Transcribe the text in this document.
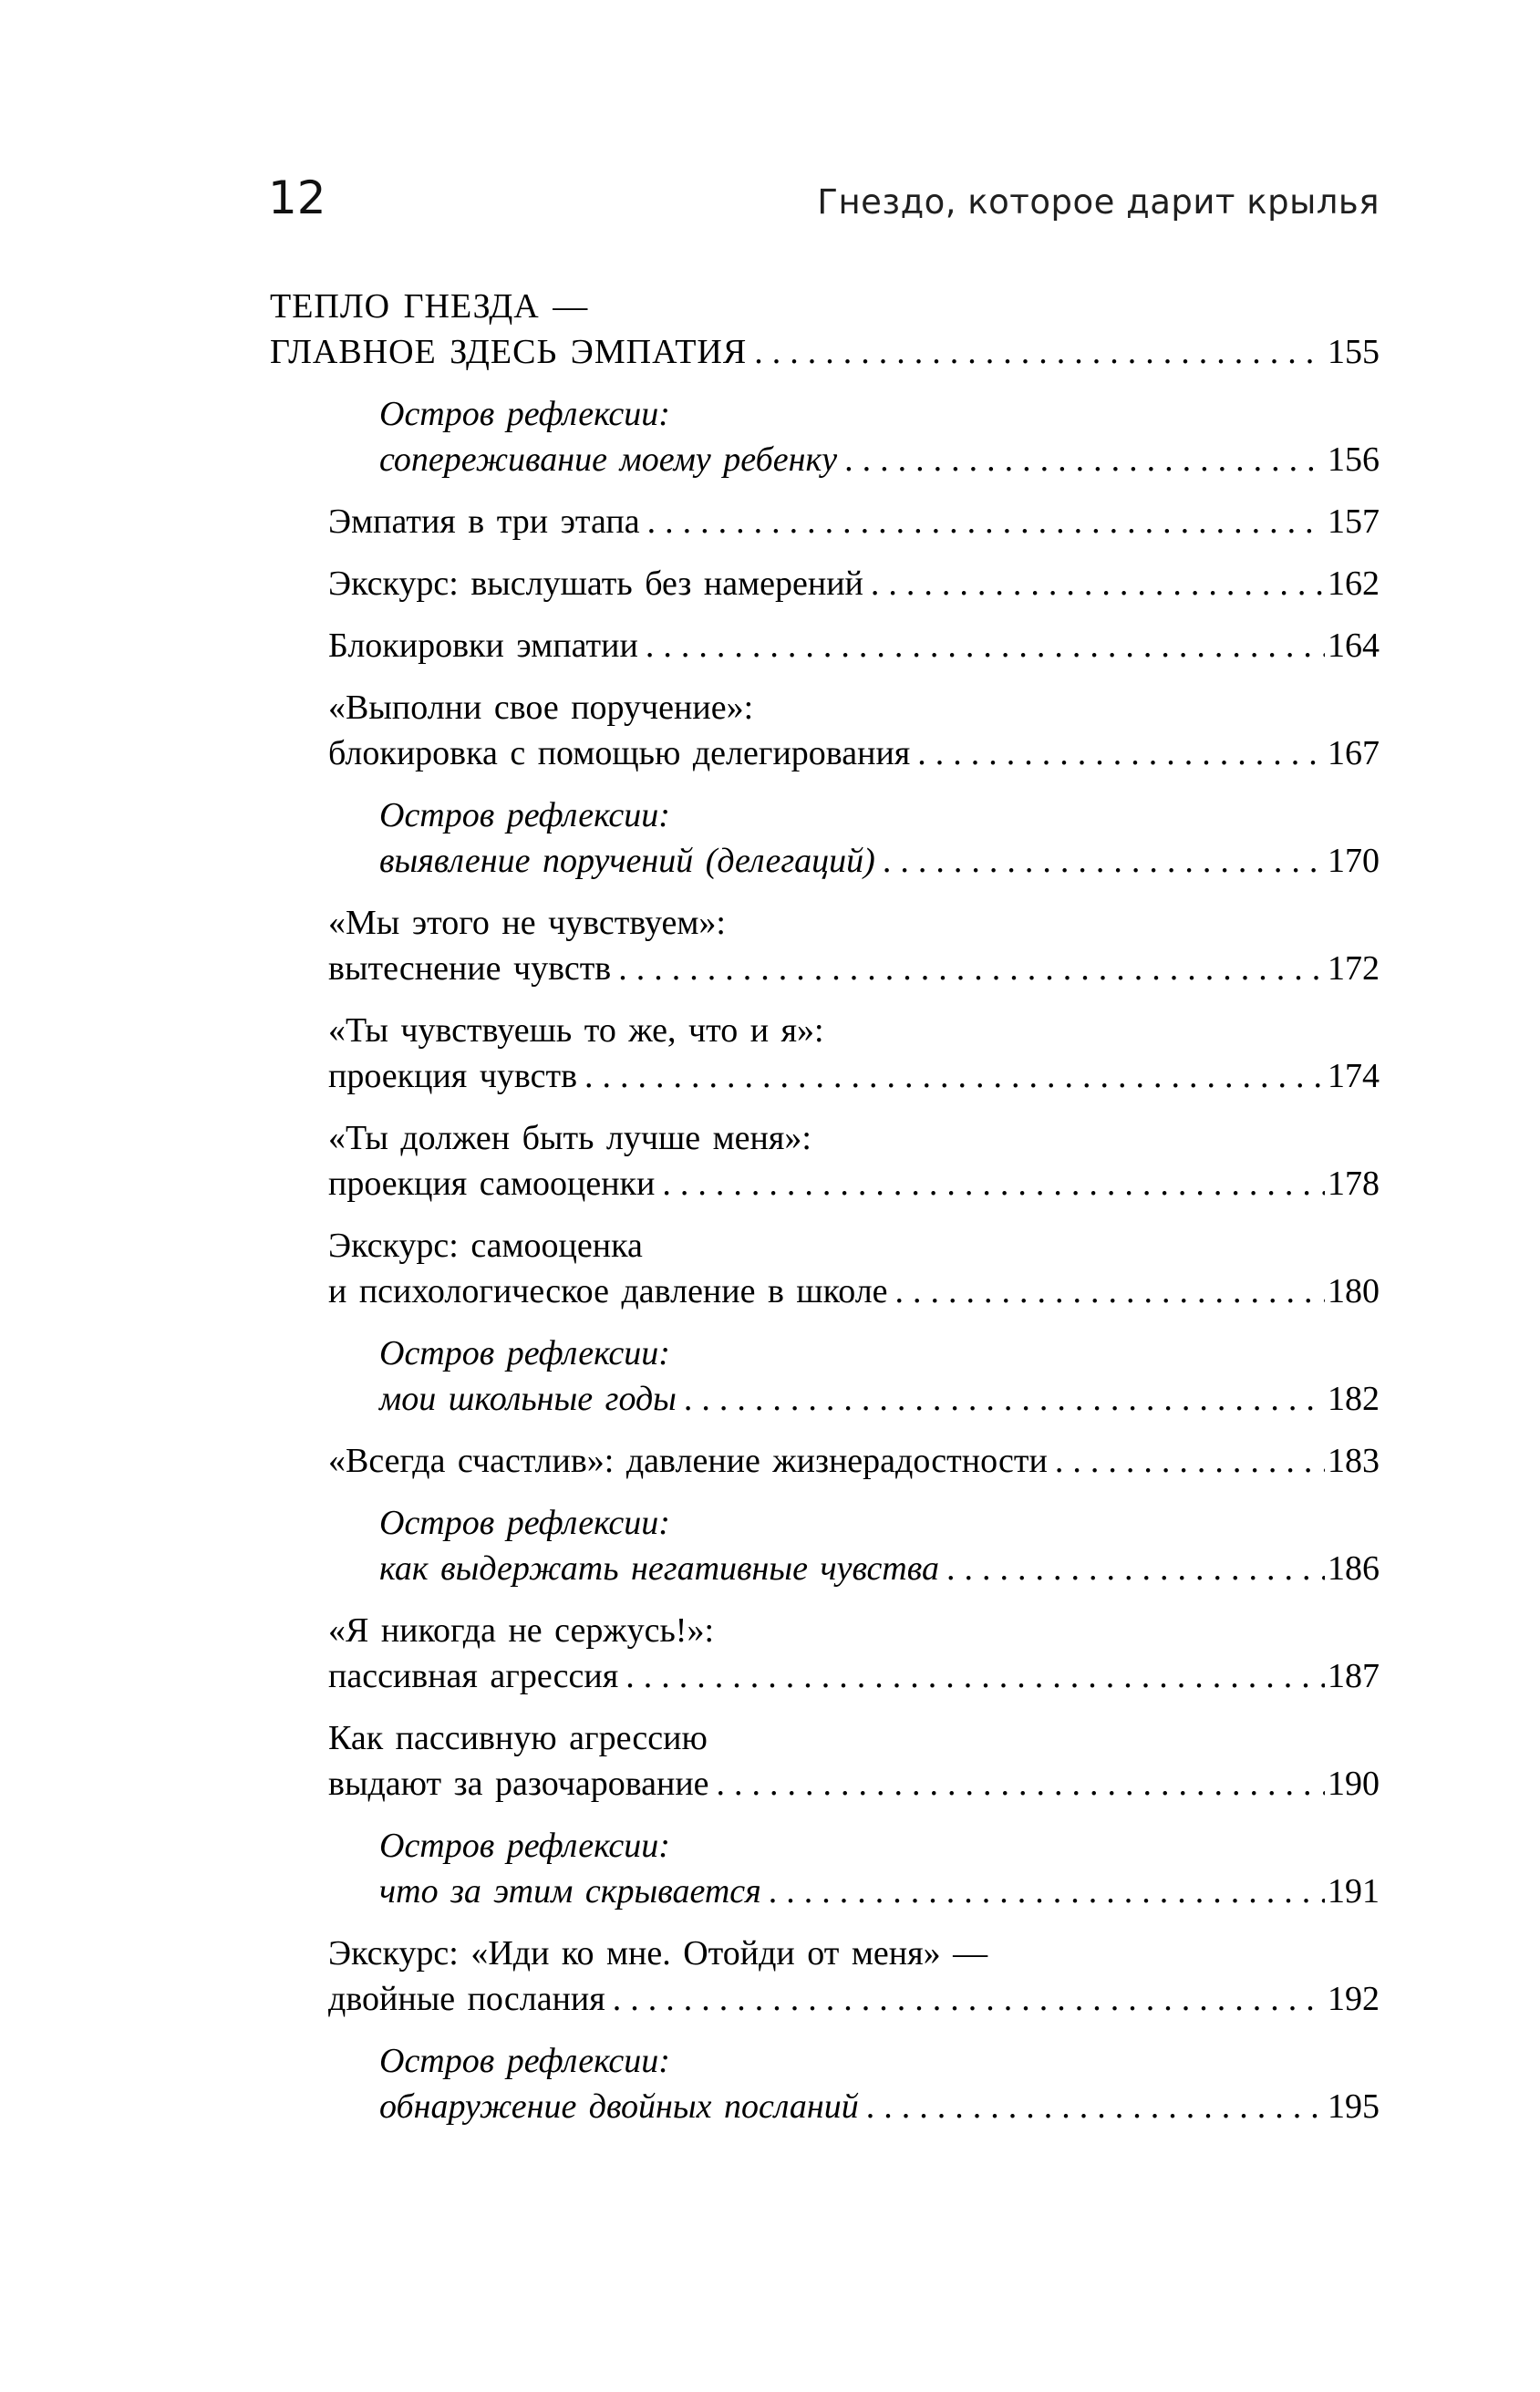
12	Гнездо, которое дарит крылья
ТЕПЛО ГНЕЗДА —
ГЛАВНОЕ ЗДЕСЬ ЭМПАТИЯ .....	155
Остров рефлексии:
сопереживание моему ребенку .....	156
Эмпатия в три этапа .....	157
Экскурс: выслушать без намерений .....	162
Блокировки эмпатии .....	164
«Выполни свое поручение»:
блокировка с помощью делегирования .....	167
Остров рефлексии:
выявление поручений (делегаций) .....	170
«Мы этого не чувствуем»:
вытеснение чувств .....	172
«Ты чувствуешь то же, что и я»:
проекция чувств .....	174
«Ты должен быть лучше меня»:
проекция самооценки .....	178
Экскурс: самооценка
и психологическое давление в школе .....	180
Остров рефлексии:
мои школьные годы .....	182
«Всегда счастлив»: давление жизнерадостности .....	183
Остров рефлексии:
как выдержать негативные чувства .....	186
«Я никогда не сержусь!»:
пассивная агрессия .....	187
Как пассивную агрессию
выдают за разочарование .....	190
Остров рефлексии:
что за этим скрывается .....	191
Экскурс: «Иди ко мне. Отойди от меня» —
двойные послания .....	192
Остров рефлексии:
обнаружение двойных посланий .....	195
